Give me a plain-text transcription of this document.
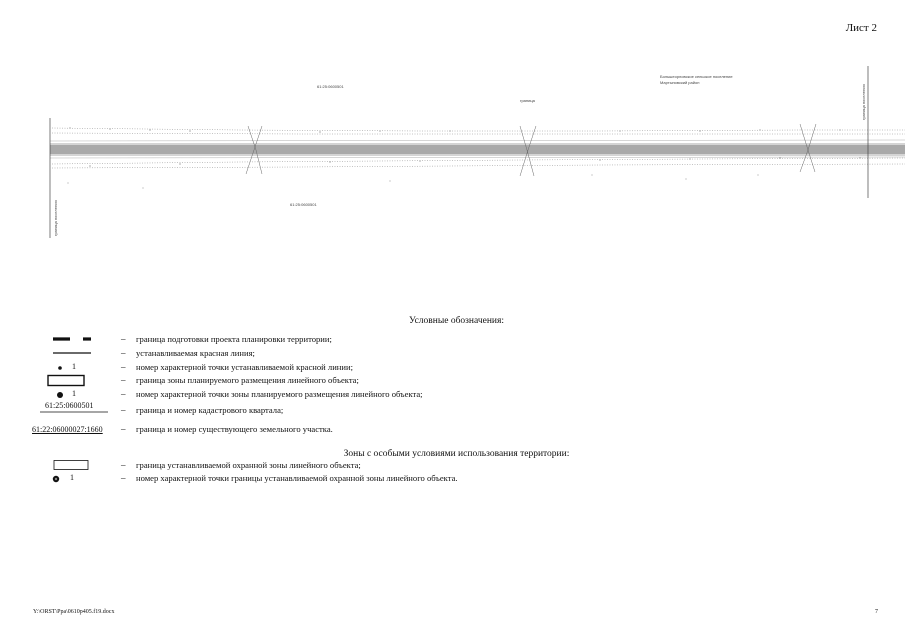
Лист 2
61:25:0600501
Большеорловское сельское поселение
Мартыновский район
граница
61:25:0600501
граница поселения
граница поселения
Условные обозначения:
– граница подготовки проекта планировки территории;
– устанавливаемая красная линия;
1	– номер характерной точки устанавливаемой красной линии;
– граница зоны планируемого размещения линейного объекта;
1	– номер характерной точки зоны планируемого размещения линейного объекта;
61:25:0600501	– граница и номер кадастрового квартала;
61:22:06000027:1660 – граница и номер существующего земельного участка.
Зоны с особыми условиями использования территории:
– граница устанавливаемой охранной зоны линейного объекта;
1	– номер характерной точки границы устанавливаемой охранной зоны линейного объекта.
Y:\ORST\Ppa\0610p405.f19.docx	7
